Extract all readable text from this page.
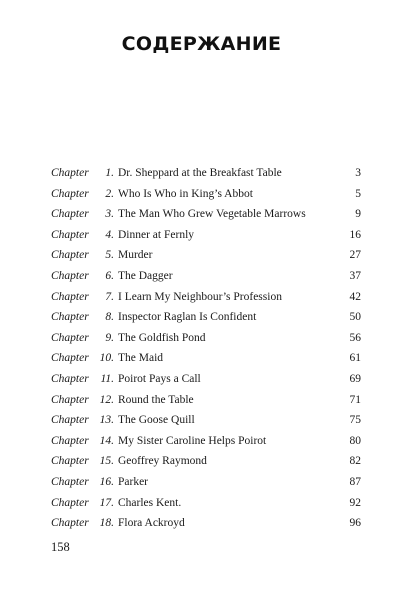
СОДЕРЖАНИЕ
Chapter	1. Dr. Sheppard at the Breakfast Table .....	3
Chapter	2. Who Is Who in King’s Abbot .....	5
Chapter	3. The Man Who Grew Vegetable Marrows .....	9
Chapter	4. Dinner at Fernly .....	16
Chapter	5. Murder .....	27
Chapter	6. The Dagger .....	37
Chapter	7. I Learn My Neighbour’s Profession .....	42
Chapter	8. Inspector Raglan Is Confident .....	50
Chapter	9. The Goldfish Pond .....	56
Chapter 10. The Maid .....	61
Chapter	11. Poirot Pays a Call .....	69
Chapter 12. Round the Table .....	71
Chapter 13. The Goose Quill .....	75
Chapter 14. My Sister Caroline Helps Poirot .....	80
Chapter 15. Geoffrey Raymond .....	82
Chapter 16. Parker .....	87
Chapter 17. Charles Kent. .....	92
Chapter 18. Flora Ackroyd .....	96
158
